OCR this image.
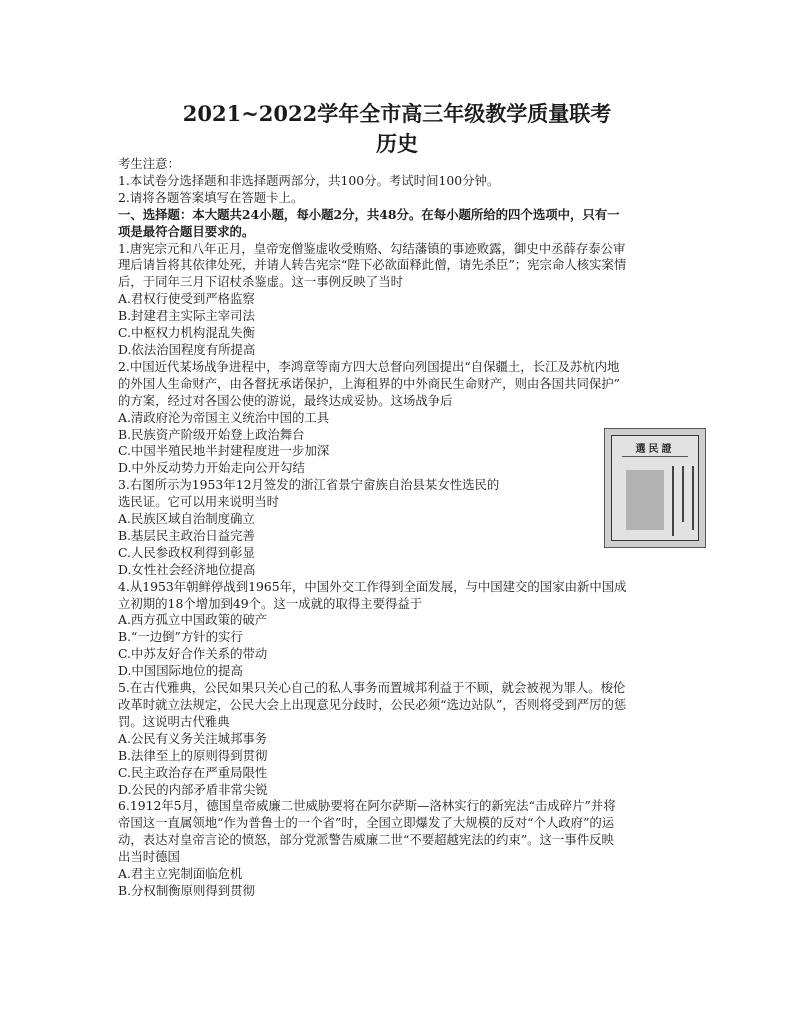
2021~2022学年全市高三年级教学质量联考
历史

考生注意：

1.本试卷分选择题和非选择题两部分，共100分。考试时间100分钟。

2.请将各题答案填写在答题卡上。

一、选择题：本大题共24小题，每小题2分，共48分。在每小题所给的四个选项中，只有一

项是最符合题目要求的。

1.唐宪宗元和八年正月，皇帝宠僧鉴虚收受贿赂、勾结藩镇的事迹败露，御史中丞薛存泰公审

理后请旨将其依律处死，并请人转告宪宗“陛下必欲面释此僧，请先杀臣”；宪宗命人核实案情

后，于同年三月下诏杖杀鉴虚。这一事例反映了当时

A.君权行使受到严格监察

B.封建君主实际主宰司法

C.中枢权力机构混乱失衡

D.依法治国程度有所提高

2.中国近代某场战争进程中，李鸿章等南方四大总督向列国提出“自保疆土，长江及苏杭内地

的外国人生命财产，由各督抚承诺保护，上海租界的中外商民生命财产，则由各国共同保护”

的方案，经过对各国公使的游说，最终达成妥协。这场战争后

A.清政府沦为帝国主义统治中国的工具

B.民族资产阶级开始登上政治舞台

C.中国半殖民地半封建程度进一步加深

D.中外反动势力开始走向公开勾结

3.右图所示为1953年12月签发的浙江省景宁畲族自治县某女性选民的

选民证。它可以用来说明当时

A.民族区域自治制度确立

B.基层民主政治日益完善

C.人民参政权利得到彰显

D.女性社会经济地位提高

4.从1953年朝鲜停战到1965年，中国外交工作得到全面发展，与中国建交的国家由新中国成

立初期的18个增加到49个。这一成就的取得主要得益于

A.西方孤立中国政策的破产

B.“一边倒”方针的实行

C.中苏友好合作关系的带动

D.中国国际地位的提高

5.在古代雅典，公民如果只关心自己的私人事务而置城邦利益于不顾，就会被视为罪人。梭伦

改革时就立法规定，公民大会上出现意见分歧时，公民必须“选边站队”，否则将受到严厉的惩

罚。这说明古代雅典

A.公民有义务关注城邦事务

B.法律至上的原则得到贯彻

C.民主政治存在严重局限性

D.公民的内部矛盾非常尖锐

6.1912年5月，德国皇帝威廉二世威胁要将在阿尔萨斯—洛林实行的新宪法“击成碎片”并将

帝国这一直属领地“作为普鲁士的一个省”时，全国立即爆发了大规模的反对“个人政府”的运

动，表达对皇帝言论的愤怒，部分党派警告威廉二世“不要超越宪法的约束”。这一事件反映

出当时德国

A.君主立宪制面临危机

B.分权制衡原则得到贯彻

選民證
